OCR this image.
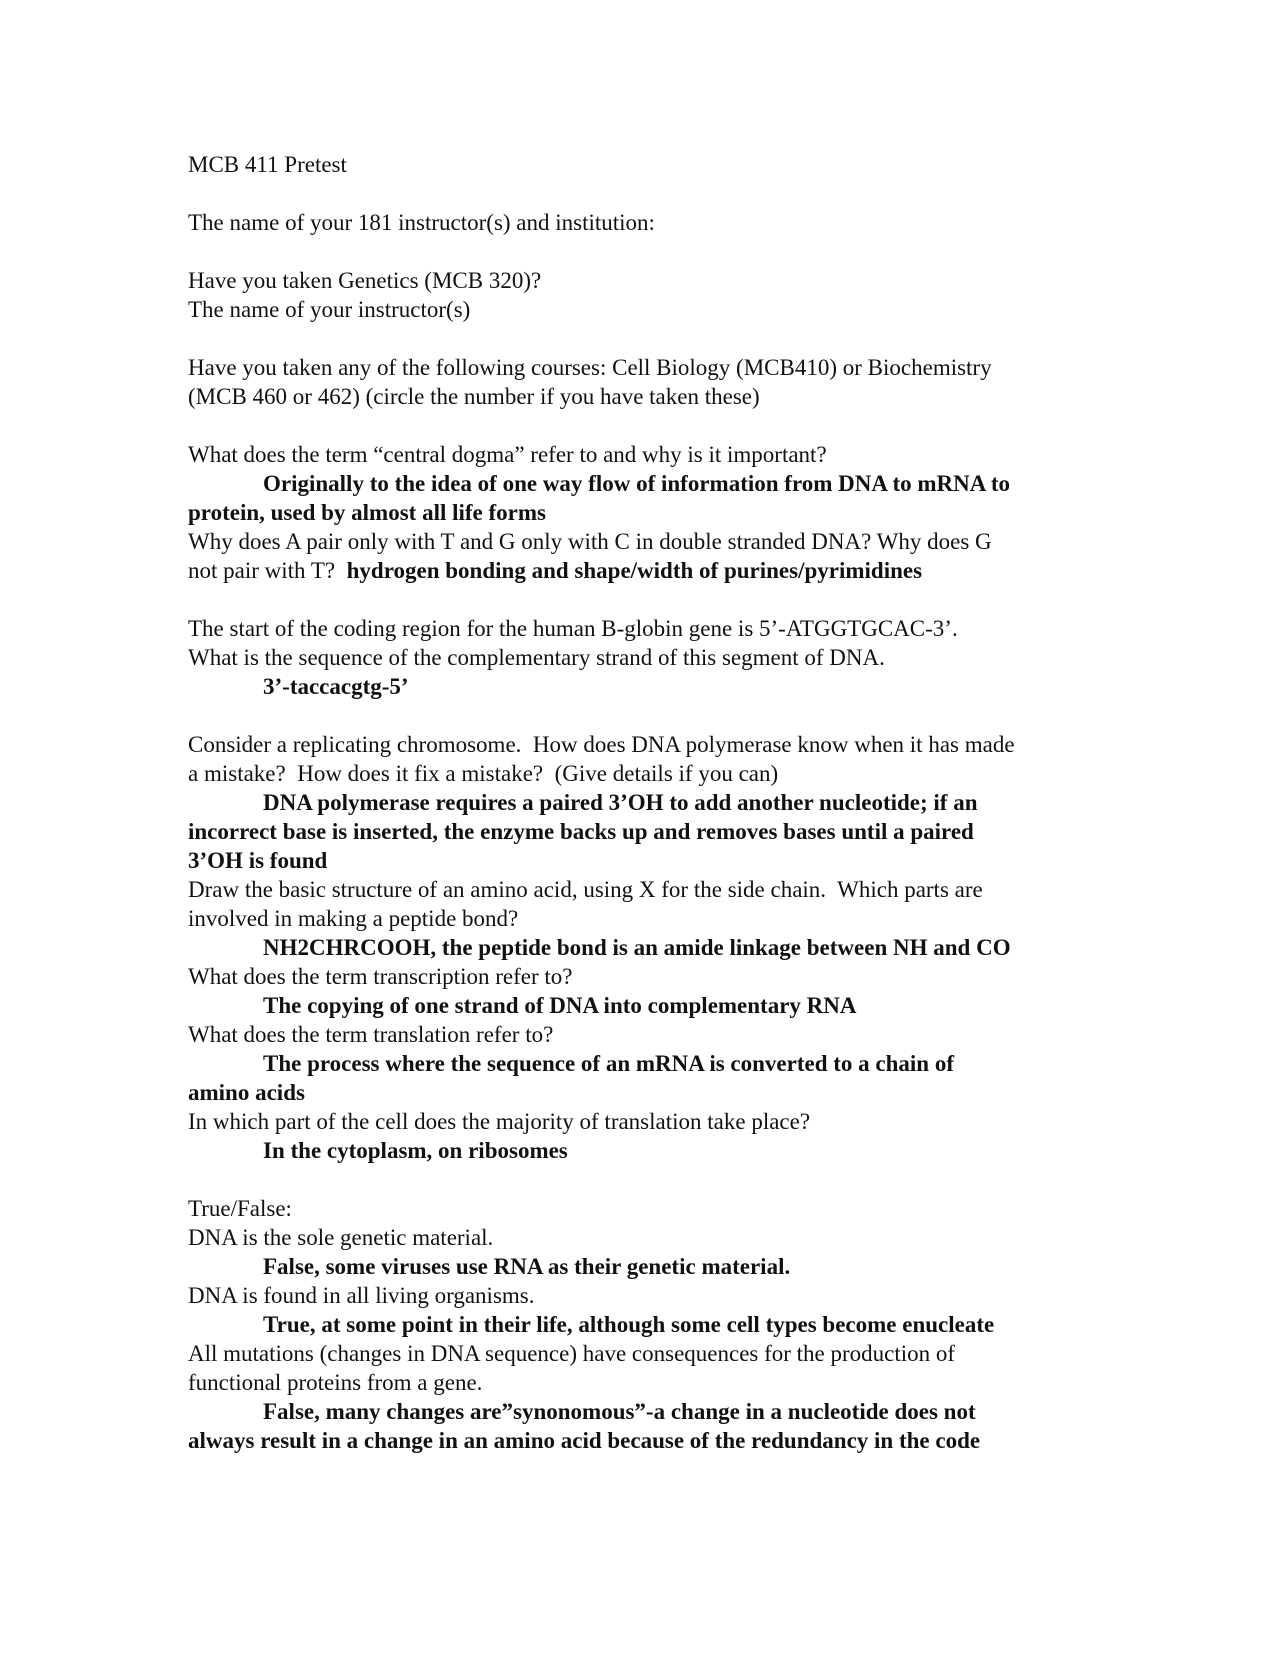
MCB 411 Pretest
The name of your 181 instructor(s) and institution:
Have you taken Genetics (MCB 320)?
The name of your instructor(s)
Have you taken any of the following courses: Cell Biology (MCB410) or Biochemistry
(MCB 460 or 462) (circle the number if you have taken these)
What does the term “central dogma” refer to and why is it important?
Originally to the idea of one way flow of information from DNA to mRNA to
protein, used by almost all life forms
Why does A pair only with T and G only with C in double stranded DNA? Why does G
not pair with T?  hydrogen bonding and shape/width of purines/pyrimidines
The start of the coding region for the human B-globin gene is 5’-ATGGTGCAC-3’.
What is the sequence of the complementary strand of this segment of DNA.
3’-taccacgtg-5’
Consider a replicating chromosome.  How does DNA polymerase know when it has made
a mistake?  How does it fix a mistake?  (Give details if you can)
DNA polymerase requires a paired 3’OH to add another nucleotide; if an
incorrect base is inserted, the enzyme backs up and removes bases until a paired
3’OH is found
Draw the basic structure of an amino acid, using X for the side chain.  Which parts are
involved in making a peptide bond?
NH2CHRCOOH, the peptide bond is an amide linkage between NH and CO
What does the term transcription refer to?
The copying of one strand of DNA into complementary RNA
What does the term translation refer to?
The process where the sequence of an mRNA is converted to a chain of
amino acids
In which part of the cell does the majority of translation take place?
In the cytoplasm, on ribosomes
True/False:
DNA is the sole genetic material.
False, some viruses use RNA as their genetic material.
DNA is found in all living organisms.
True, at some point in their life, although some cell types become enucleate
All mutations (changes in DNA sequence) have consequences for the production of
functional proteins from a gene.
False, many changes are”synonomous”-a change in a nucleotide does not
always result in a change in an amino acid because of the redundancy in the code
